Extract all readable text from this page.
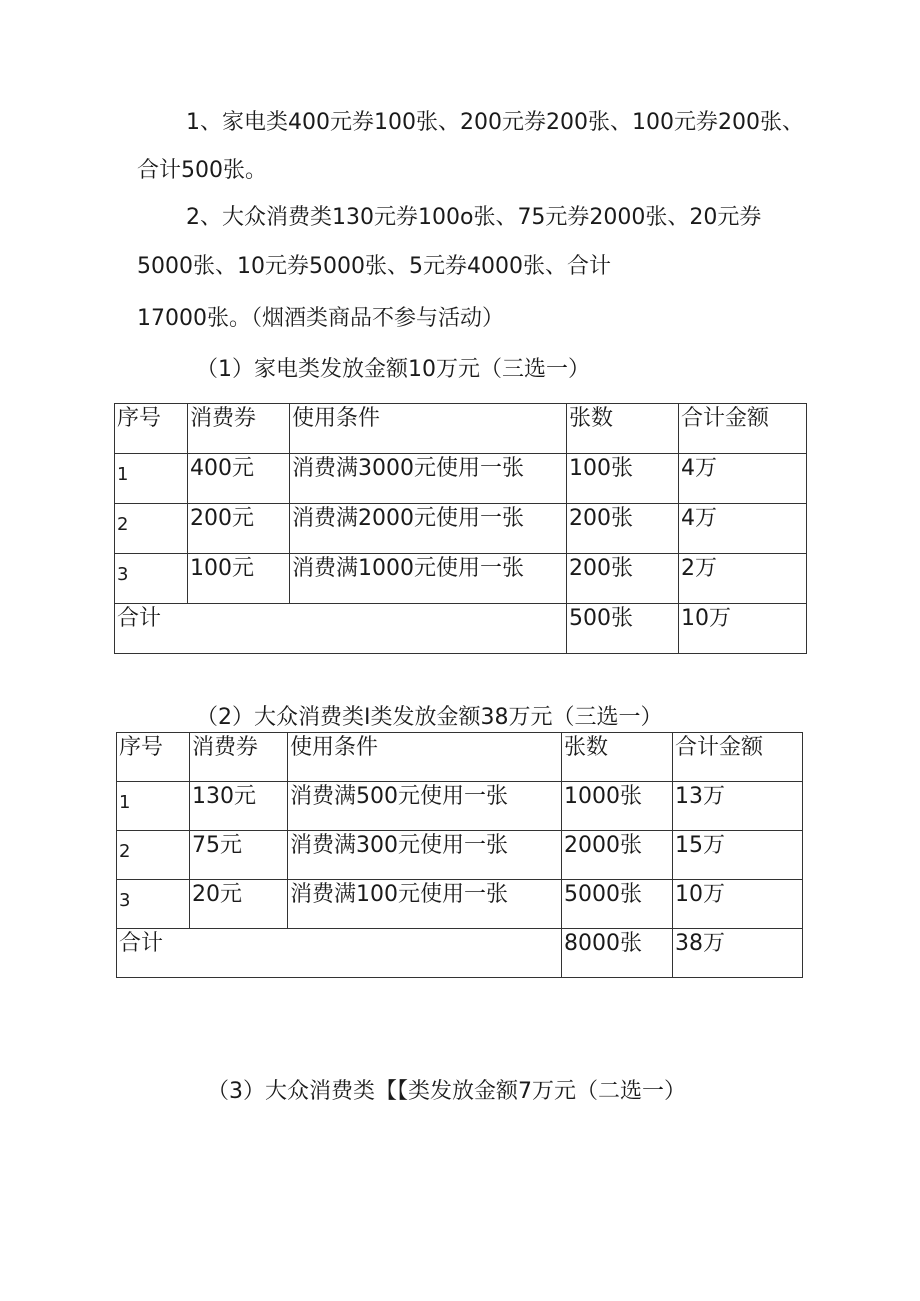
1、家电类400元券100张、200元券200张、100元券200张、
合计500张。
2、大众消费类130元券100o张、75元券2000张、20元券
5000张、10元券5000张、5元券4000张、合计
17000张。（烟酒类商品不参与活动）
（1）家电类发放金额10万元（三选一）
序号	消费券	使用条件	张数	合计金额
1	400元	消费满3000元使用一张	100张	4万
2	200元	消费满2000元使用一张	200张	4万
3	100元	消费满1000元使用一张	200张	2万
合计			500张	10万
（2）大众消费类I类发放金额38万元（三选一）
序号	消费券	使用条件	张数	合计金额
1	130元	消费满500元使用一张	1000张	13万
2	75元	消费满300元使用一张	2000张	15万
3	20元	消费满100元使用一张	5000张	10万
合计			8000张	38万
（3）大众消费类【【类发放金额7万元（二选一）
